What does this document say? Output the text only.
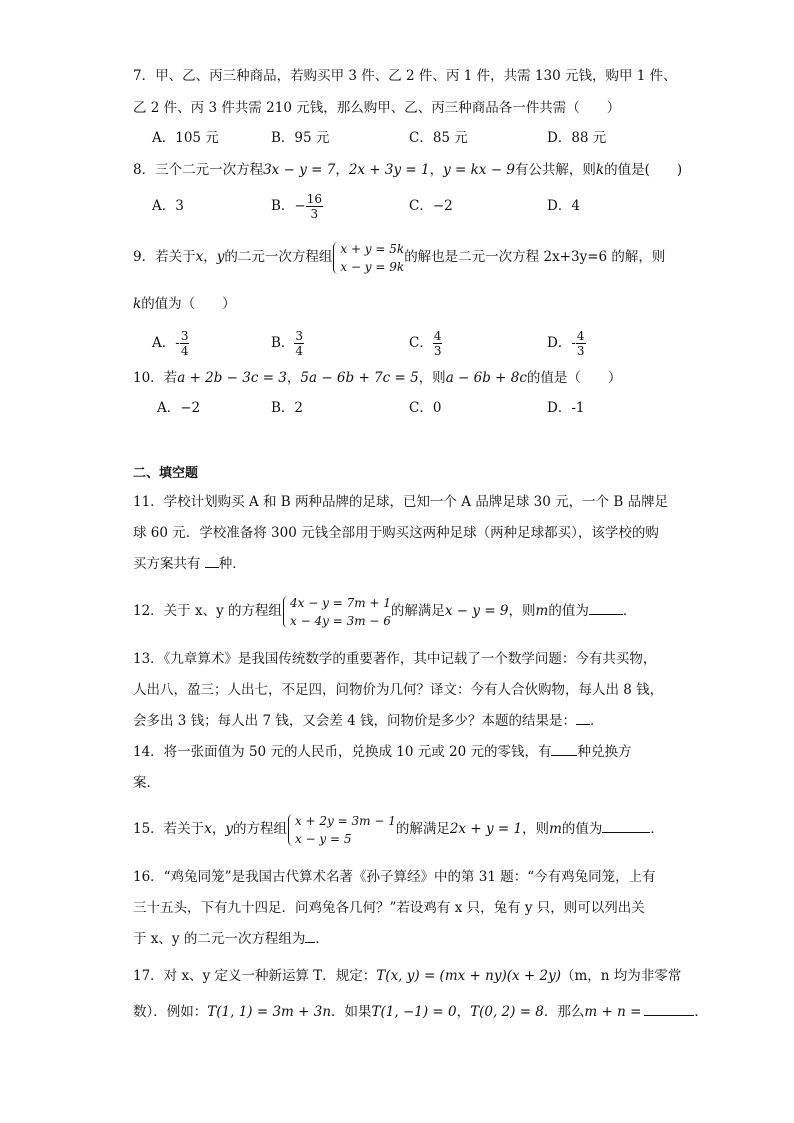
7．甲、乙、丙三种商品，若购买甲 3 件、乙 2 件、丙 1 件，共需 130 元钱，购甲 1 件、
乙 2 件、丙 3 件共需 210 元钱，那么购甲、乙、丙三种商品各一件共需（　　）
A．105 元	B．95 元	C．85 元	D．88 元
8．三个二元一次方程3x − y = 7，2x + 3y = 1，y = kx − 9有公共解，则k的值是(　　)
A．3	B．− $\frac{16}{3}$	C．−2	D．4
9．若关于x，y的二元一次方程组
x + y = 5k
x − y = 9k
的解也是二元一次方程 2x+3y=6 的解，则
k的值为（　　）
A．- $\frac{3}{4}$	B． $\frac{3}{4}$	C． $\frac{4}{3}$	D．- $\frac{4}{3}$
10．若a + 2b − 3c = 3，5a − 6b + 7c = 5，则a − 6b + 8c的值是（　　）
A．−2	B．2	C．0	D．-1
二、填空题
11．学校计划购买 A 和 B 两种品牌的足球，已知一个 A 品牌足球 30 元，一个 B 品牌足
球 60 元．学校准备将 300 元钱全部用于购买这两种足球（两种足球都买），该学校的购
买方案共有 种．
12．关于 x、y 的方程组
4x − y = 7m + 1
x − 4y = 3m − 6
的解满足x − y = 9，则m的值为	．
13．《九章算术》是我国传统数学的重要著作，其中记载了一个数学问题：今有共买物，
人出八，盈三；人出七，不足四，问物价为几何？译文：今有人合伙购物，每人出 8 钱，
会多出 3 钱；每人出 7 钱，又会差 4 钱，问物价是多少？本题的结果是： ．
14．将一张面值为 50 元的人民币，兑换成 10 元或 20 元的零钱，有 种兑换方
案．
15．若关于x，y的方程组
x + 2y = 3m − 1
x − y = 5
的解满足2x + y = 1，则m的值为	．
16．“鸡兔同笼”是我国古代算术名著《孙子算经》中的第 31 题：“今有鸡兔同笼，上有
三十五头，下有九十四足．问鸡兔各几何？”若设鸡有 x 只，兔有 y 只，则可以列出关
于 x、y 的二元一次方程组为 ．
17．对 x、y 定义一种新运算 T．规定：T(x, y) = (mx + ny)(x + 2y)（m，n 均为非零常
数）．例如：T(1, 1) = 3m + 3n．如果T(1, −1) = 0，T(0, 2) = 8．那么m + n =	．
